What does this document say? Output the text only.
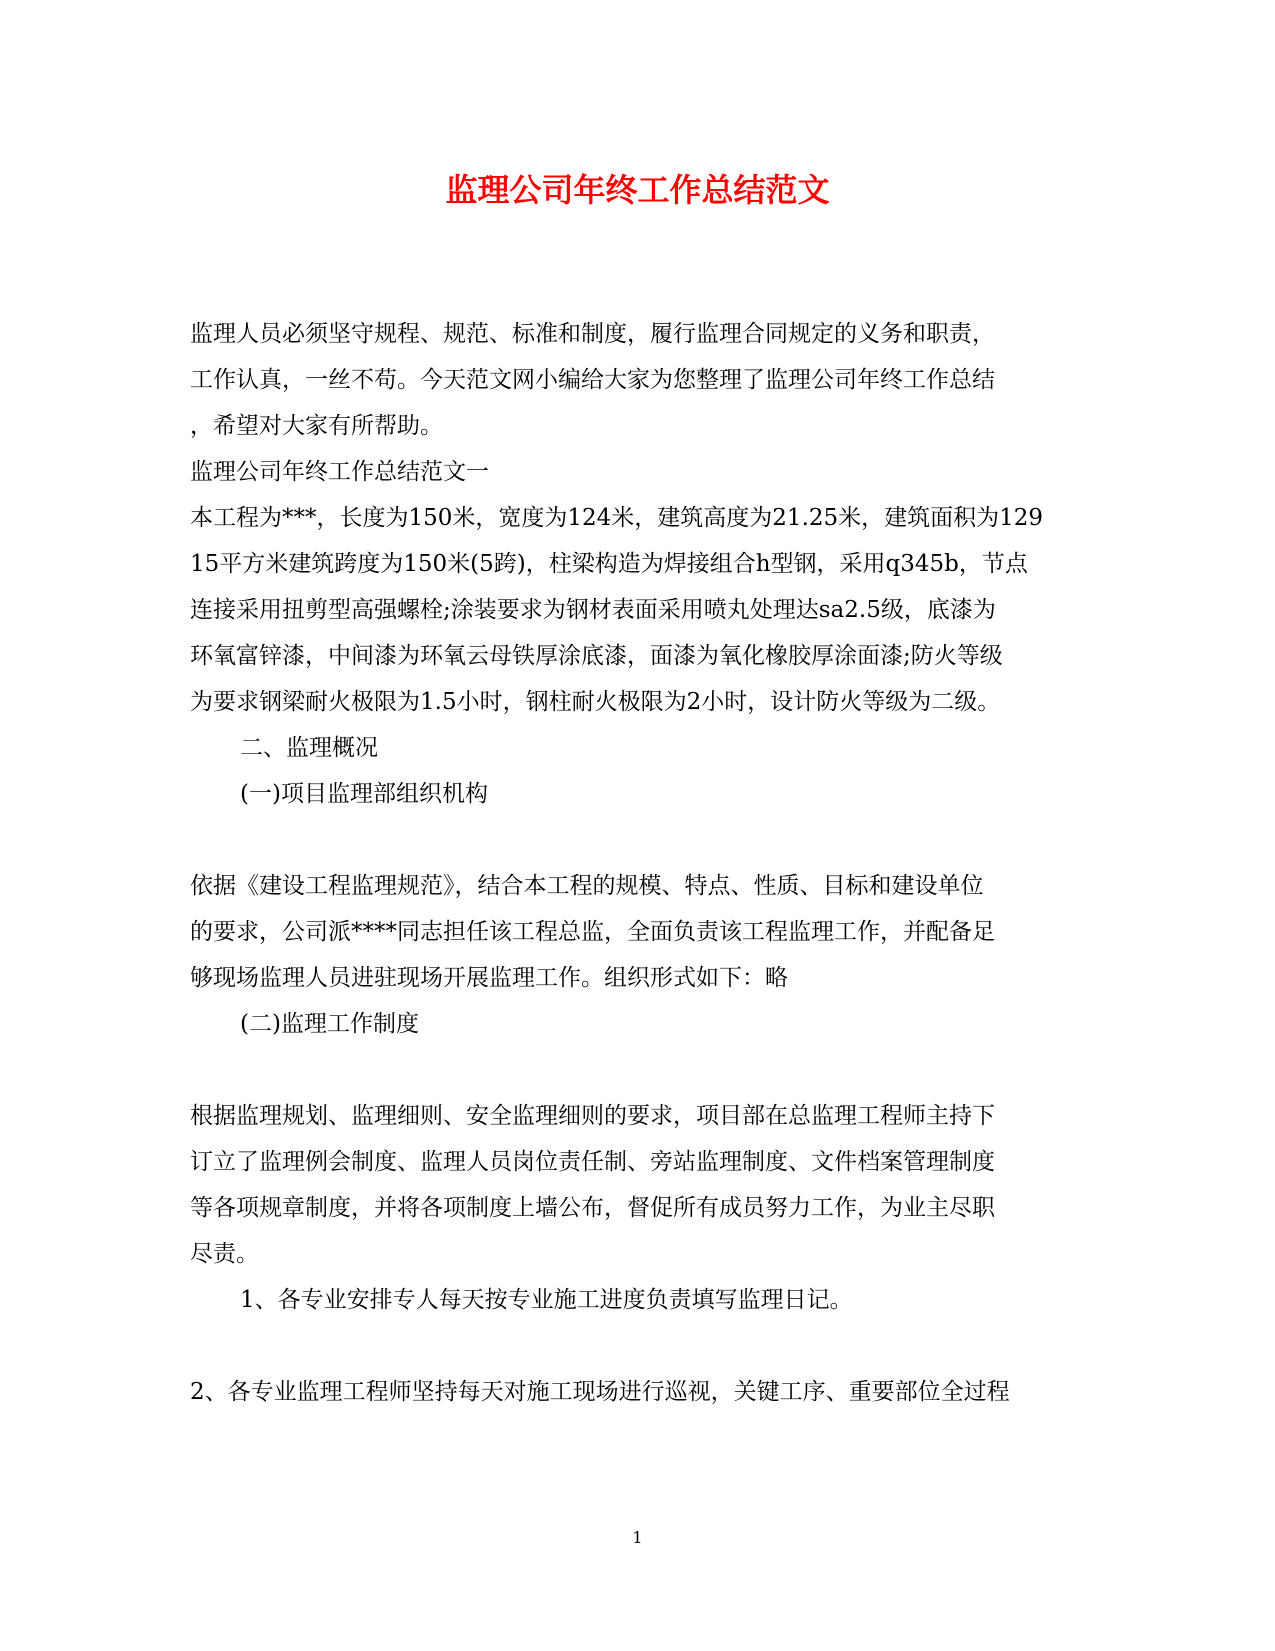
监理公司年终工作总结范文
监理人员必须坚守规程、规范、标准和制度，履行监理合同规定的义务和职责，
工作认真，一丝不苟。今天范文网小编给大家为您整理了监理公司年终工作总结
，希望对大家有所帮助。
监理公司年终工作总结范文一
本工程为***，长度为150米，宽度为124米，建筑高度为21.25米，建筑面积为129
15平方米建筑跨度为150米(5跨)，柱梁构造为焊接组合h型钢，采用q345b，节点
连接采用扭剪型高强螺栓;涂装要求为钢材表面采用喷丸处理达sa2.5级，底漆为
环氧富锌漆，中间漆为环氧云母铁厚涂底漆，面漆为氧化橡胶厚涂面漆;防火等级
为要求钢梁耐火极限为1.5小时，钢柱耐火极限为2小时，设计防火等级为二级。
二、监理概况
(一)项目监理部组织机构
依据《建设工程监理规范》，结合本工程的规模、特点、性质、目标和建设单位
的要求，公司派****同志担任该工程总监，全面负责该工程监理工作，并配备足
够现场监理人员进驻现场开展监理工作。组织形式如下：略
(二)监理工作制度
根据监理规划、监理细则、安全监理细则的要求，项目部在总监理工程师主持下
订立了监理例会制度、监理人员岗位责任制、旁站监理制度、文件档案管理制度
等各项规章制度，并将各项制度上墙公布，督促所有成员努力工作，为业主尽职
尽责。
1、各专业安排专人每天按专业施工进度负责填写监理日记。
2、各专业监理工程师坚持每天对施工现场进行巡视，关键工序、重要部位全过程
1
